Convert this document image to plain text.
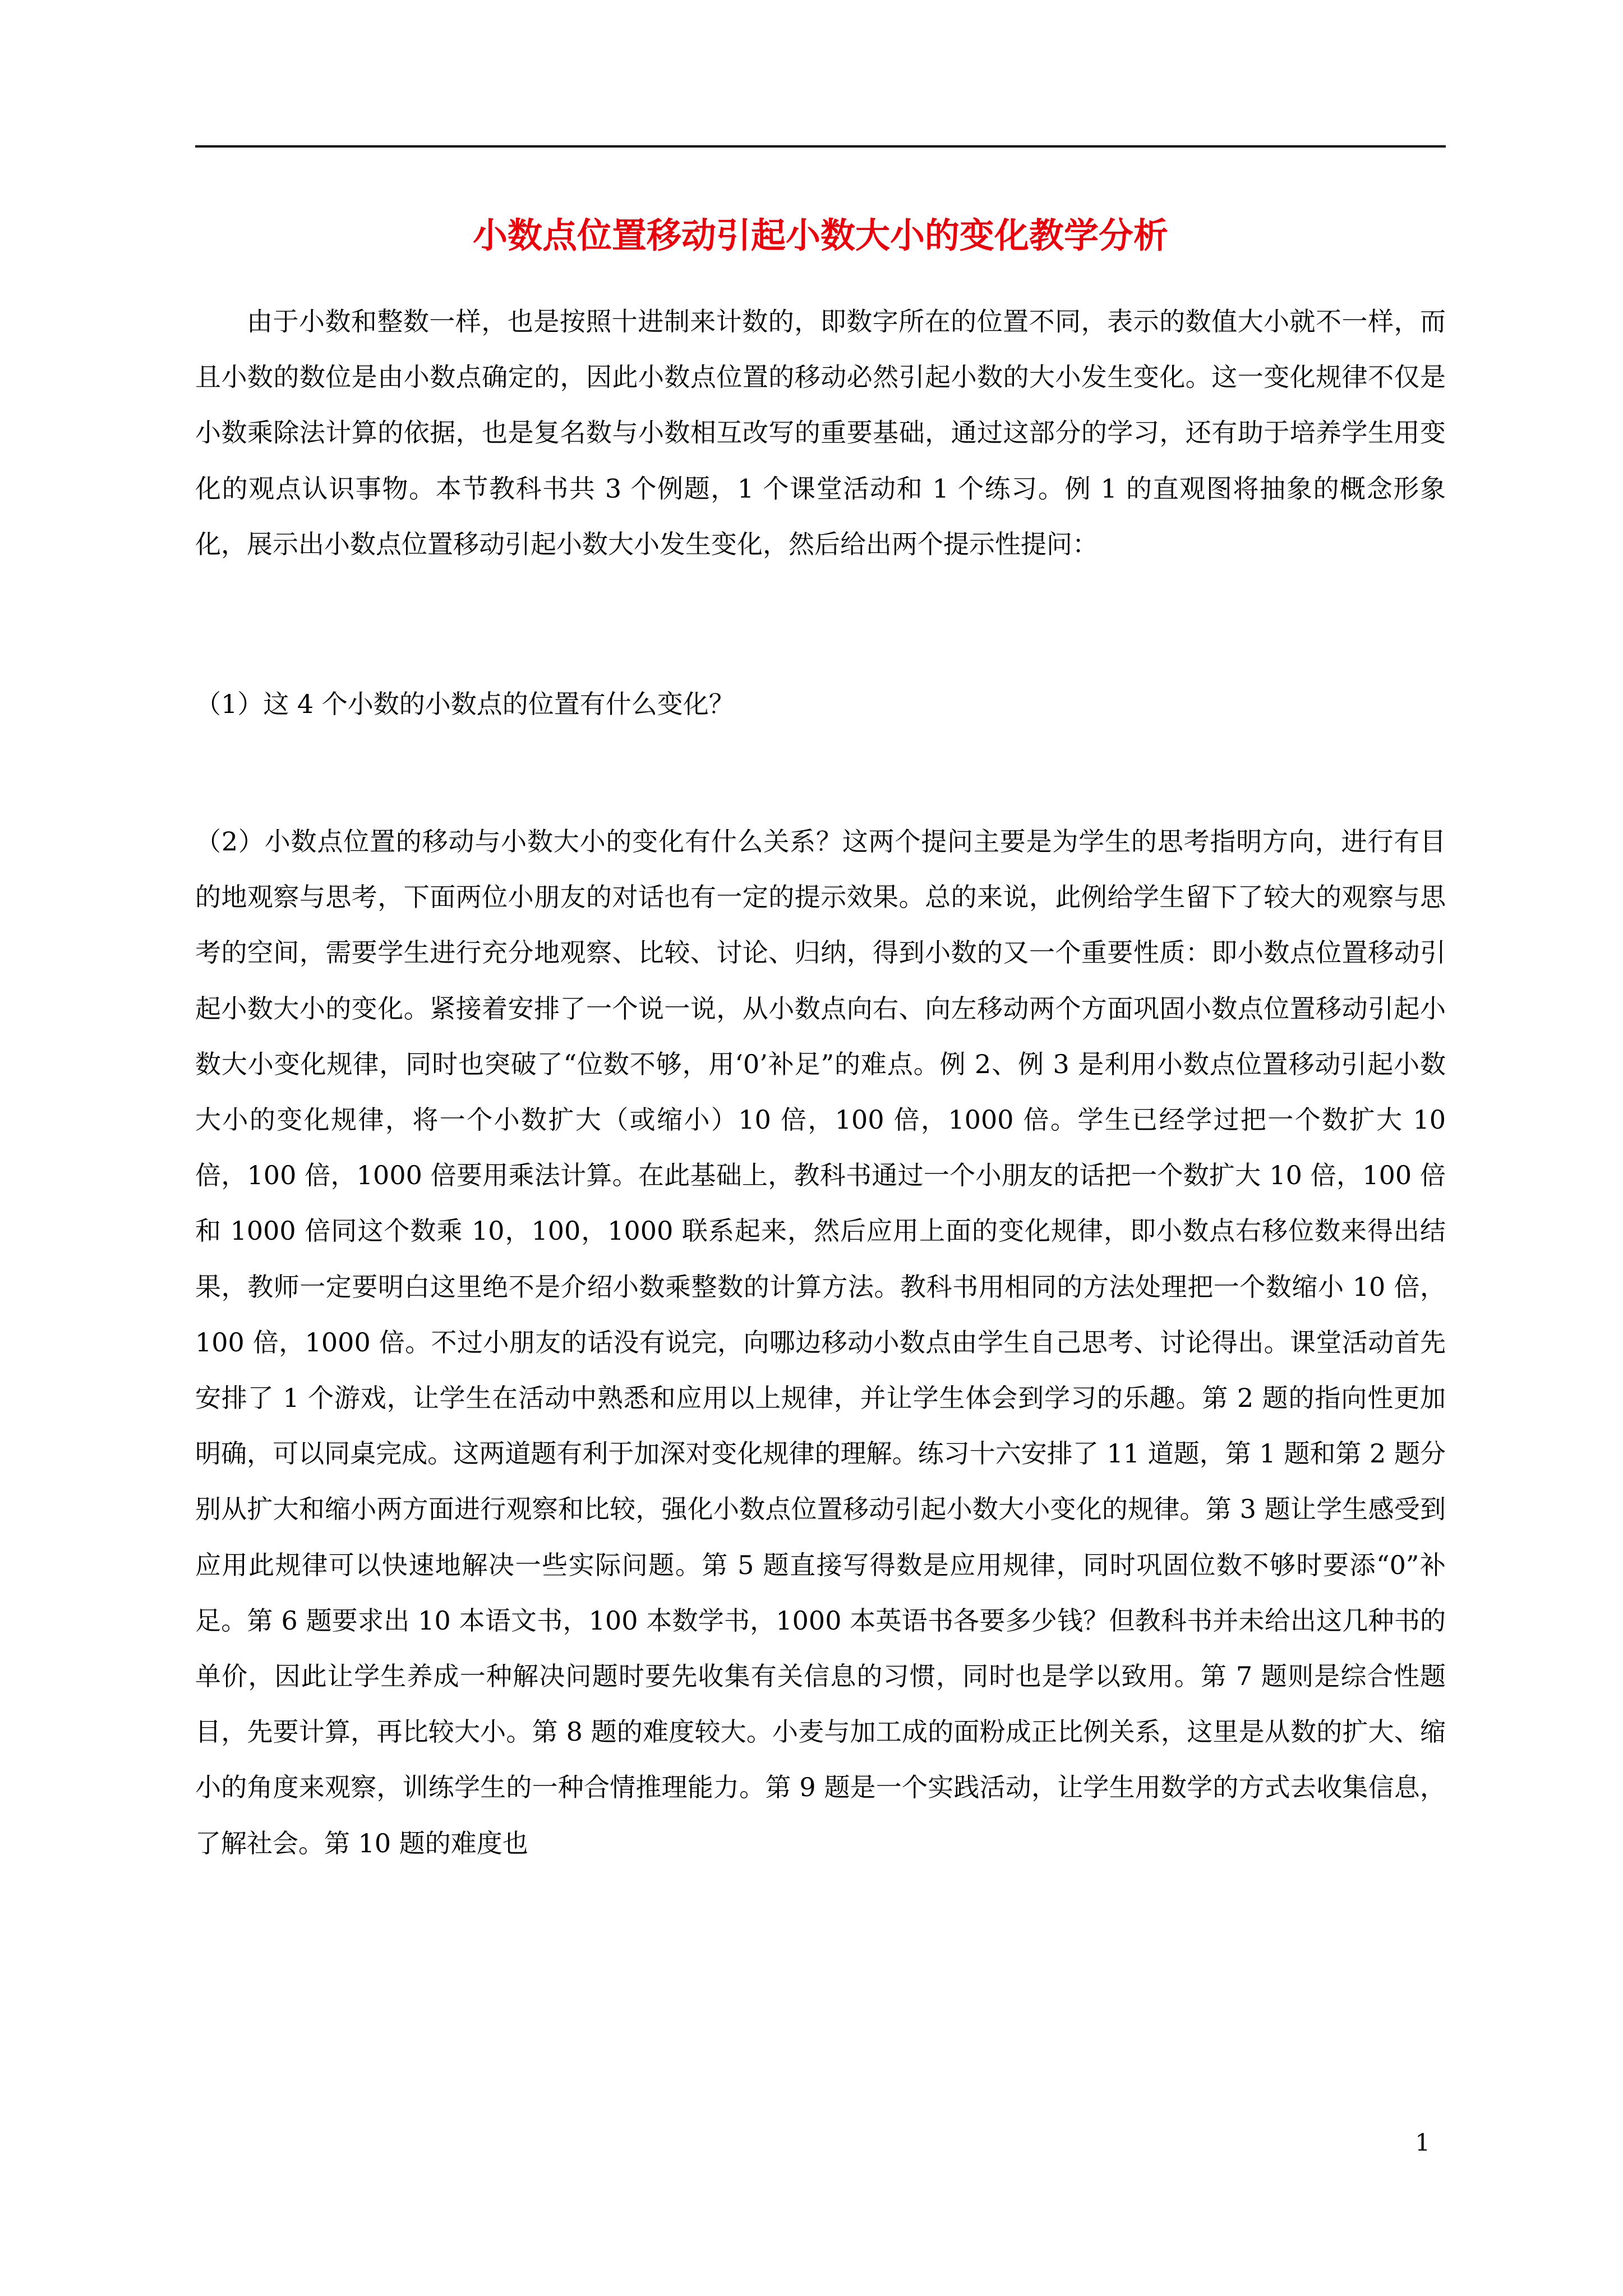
小数点位置移动引起小数大小的变化教学分析
由于小数和整数一样，也是按照十进制来计数的，即数字所在的位置不同，表示的数值大小就不一样，而且小数的数位是由小数点确定的，因此小数点位置的移动必然引起小数的大小发生变化。这一变化规律不仅是小数乘除法计算的依据，也是复名数与小数相互改写的重要基础，通过这部分的学习，还有助于培养学生用变化的观点认识事物。本节教科书共 3 个例题，1 个课堂活动和 1 个练习。例 1 的直观图将抽象的概念形象化，展示出小数点位置移动引起小数大小发生变化，然后给出两个提示性提问：

（1）这 4 个小数的小数点的位置有什么变化？

（2）小数点位置的移动与小数大小的变化有什么关系？这两个提问主要是为学生的思考指明方向，进行有目的地观察与思考，下面两位小朋友的对话也有一定的提示效果。总的来说，此例给学生留下了较大的观察与思考的空间，需要学生进行充分地观察、比较、讨论、归纳，得到小数的又一个重要性质：即小数点位置移动引起小数大小的变化。紧接着安排了一个说一说，从小数点向右、向左移动两个方面巩固小数点位置移动引起小数大小变化规律，同时也突破了“位数不够，用‘0’补足”的难点。例 2、例 3 是利用小数点位置移动引起小数大小的变化规律，将一个小数扩大（或缩小）10 倍，100 倍，1000 倍。学生已经学过把一个数扩大 10 倍，100 倍，1000 倍要用乘法计算。在此基础上，教科书通过一个小朋友的话把一个数扩大 10 倍，100 倍和 1000 倍同这个数乘 10，100，1000 联系起来，然后应用上面的变化规律，即小数点右移位数来得出结果，教师一定要明白这里绝不是介绍小数乘整数的计算方法。教科书用相同的方法处理把一个数缩小 10 倍，100 倍，1000 倍。不过小朋友的话没有说完，向哪边移动小数点由学生自己思考、讨论得出。课堂活动首先安排了 1 个游戏，让学生在活动中熟悉和应用以上规律，并让学生体会到学习的乐趣。第 2 题的指向性更加明确，可以同桌完成。这两道题有利于加深对变化规律的理解。练习十六安排了 11 道题，第 1 题和第 2 题分别从扩大和缩小两方面进行观察和比较，强化小数点位置移动引起小数大小变化的规律。第 3 题让学生感受到应用此规律可以快速地解决一些实际问题。第 5 题直接写得数是应用规律，同时巩固位数不够时要添“0”补足。第 6 题要求出 10 本语文书，100 本数学书，1000 本英语书各要多少钱？但教科书并未给出这几种书的单价，因此让学生养成一种解决问题时要先收集有关信息的习惯，同时也是学以致用。第 7 题则是综合性题目，先要计算，再比较大小。第 8 题的难度较大。小麦与加工成的面粉成正比例关系，这里是从数的扩大、缩小的角度来观察，训练学生的一种合情推理能力。第 9 题是一个实践活动，让学生用数学的方式去收集信息，了解社会。第 10 题的难度也

1
